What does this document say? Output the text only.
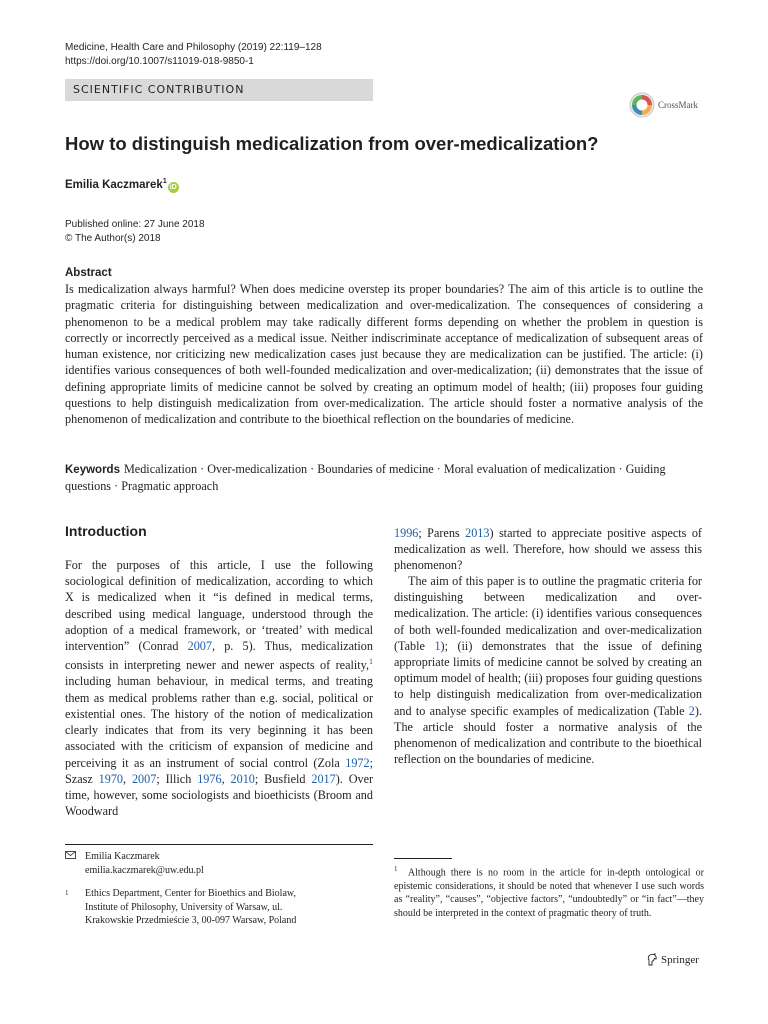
Medicine, Health Care and Philosophy (2019) 22:119–128
https://doi.org/10.1007/s11019-018-9850-1
SCIENTIFIC CONTRIBUTION
CrossMark
How to distinguish medicalization from over-medicalization?
Emilia Kaczmarek$^1$iD
Published online: 27 June 2018
© The Author(s) 2018
Abstract

Is medicalization always harmful? When does medicine overstep its proper boundaries? The aim of this article is to outline the pragmatic criteria for distinguishing between medicalization and over-medicalization. The consequences of considering a phenomenon to be a medical problem may take radically different forms depending on whether the problem in question is correctly or incorrectly perceived as a medical issue. Neither indiscriminate acceptance of medicalization of subsequent areas of human existence, nor criticizing new medicalization cases just because they are medicalization can be justified. The article: (i) identifies various consequences of both well-founded medicalization and over-medicalization; (ii) demonstrates that the issue of defining appropriate limits of medicine cannot be solved by creating an optimum model of health; (iii) proposes four guiding questions to help distinguish medicalization from over-medicalization. The article should foster a normative analysis of the phenomenon of medicalization and contribute to the bioethical reflection on the boundaries of medicine.

Keywords Medicalization · Over-medicalization · Boundaries of medicine · Moral evaluation of medicalization · Guiding questions · Pragmatic approach
Introduction

For the purposes of this article, I use the following sociological definition of medicalization, according to which X is medicalized when it “is defined in medical terms, described using medical language, understood through the adoption of a medical framework, or ‘treated’ with medical intervention” (Conrad 2007, p. 5). Thus, medicalization consists in interpreting newer and newer aspects of reality,$^1$ including human behaviour, in medical terms, and treating them as medical problems rather than e.g. social, political or existential ones. The history of the notion of medicalization clearly indicates that from its very beginning it has been associated with the criticism of expansion of medicine and perceiving it as an instrument of social control (Zola 1972; Szasz 1970, 2007; Illich 1976, 2010; Busfield 2017). Over time, however, some sociologists and bioethicists (Broom and Woodward

1996; Parens 2013) started to appreciate positive aspects of medicalization as well. Therefore, how should we assess this phenomenon?

The aim of this paper is to outline the pragmatic criteria for distinguishing between medicalization and over-medicalization. The article: (i) identifies various consequences of both well-founded medicalization and over-medicalization (Table 1); (ii) demonstrates that the issue of defining appropriate limits of medicine cannot be solved by creating an optimum model of health; (iii) proposes four guiding questions to help distinguish medicalization from over-medicalization and to analyse specific examples of medicalization (Table 2). The article should foster a normative analysis of the phenomenon of medicalization and contribute to the bioethical reflection on the boundaries of medicine.

Emilia Kaczmarek
emilia.kaczmarek@uw.edu.pl
$^1$	Ethics Department, Center for Bioethics and Biolaw,
Institute of Philosophy, University of Warsaw, ul.
Krakowskie Przedmieście 3, 00-097 Warsaw, Poland
$^1$ Although there is no room in the article for in-depth ontological or epistemic considerations, it should be noted that whenever I use such words as “reality”, “causes”, “objective factors”, “undoubtedly” or “in fact”—they should be interpreted in the context of pragmatic theory of truth.
Springer
